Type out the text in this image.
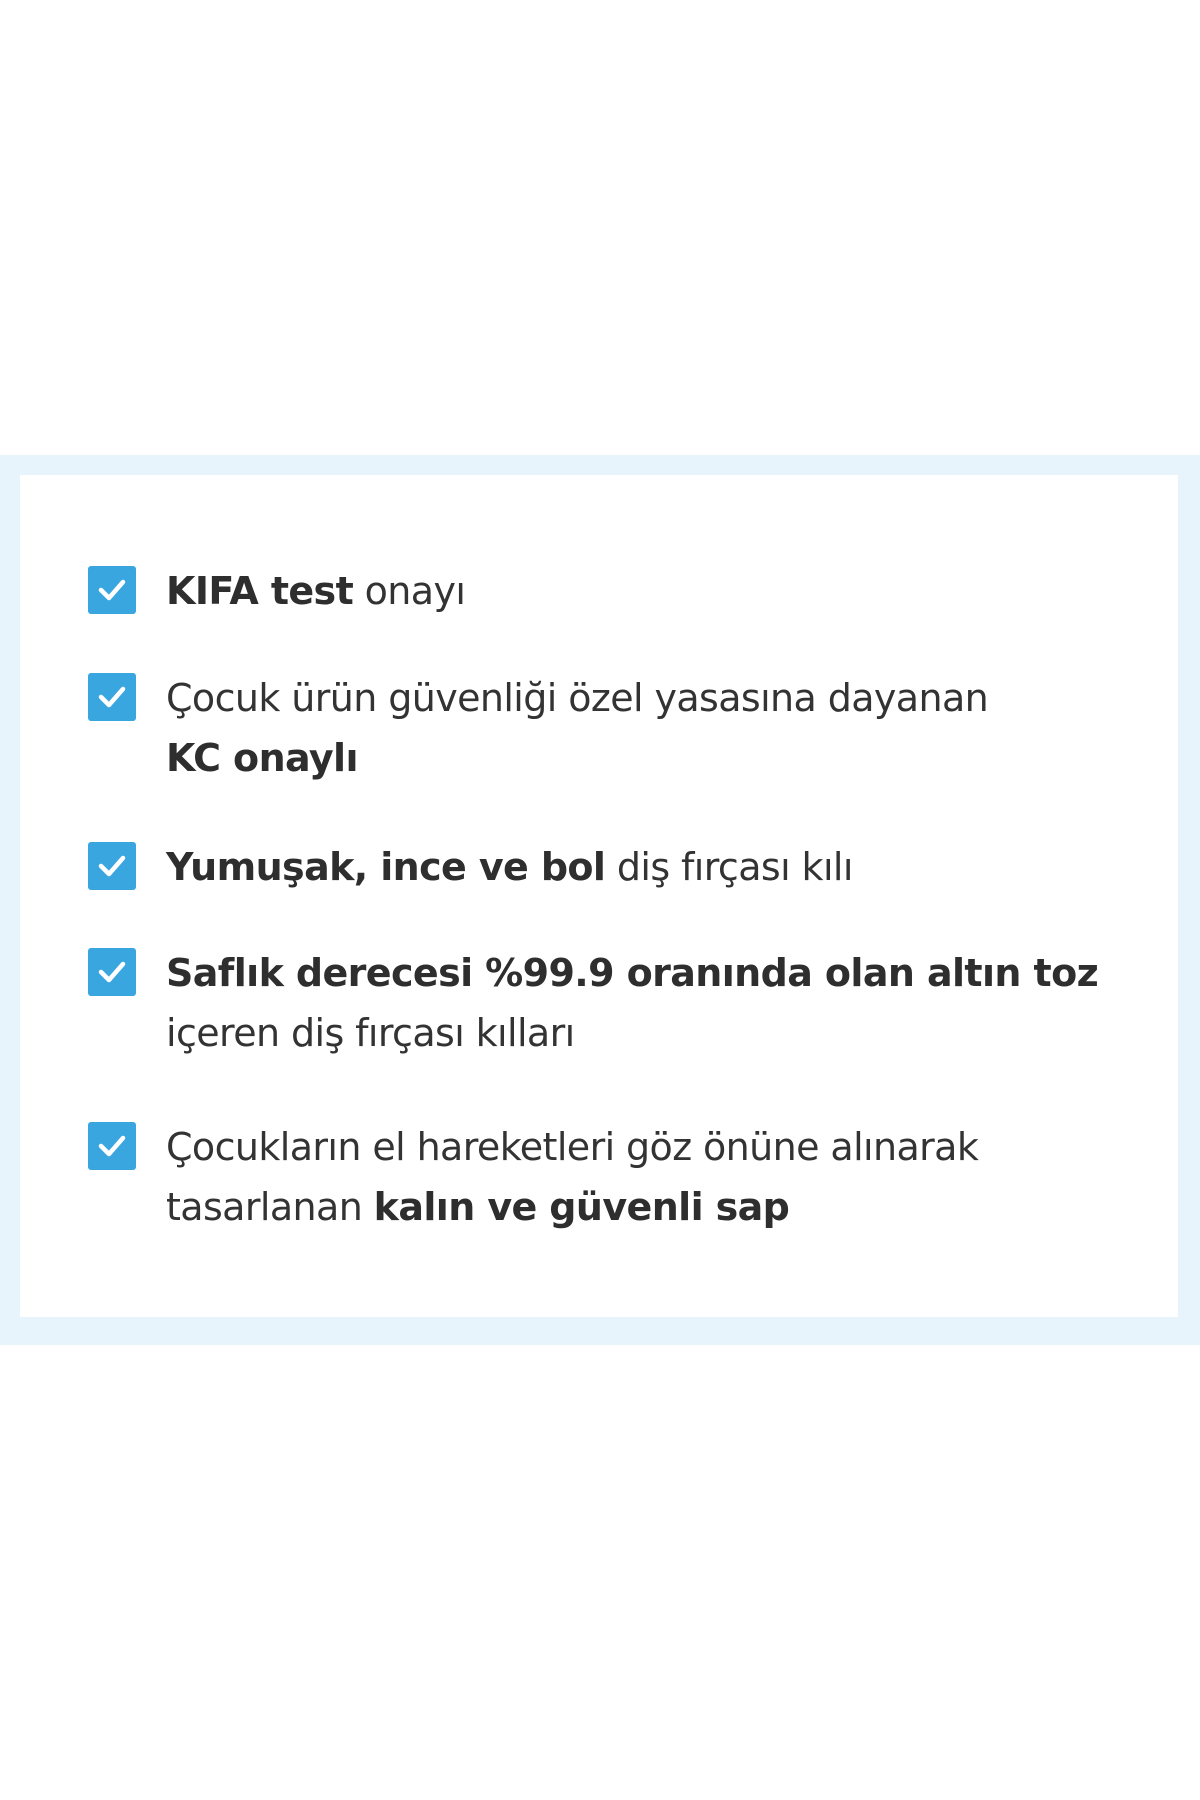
KIFA test onayı
Çocuk ürün güvenliği özel yasasına dayanan
KC onaylı
Yumuşak, ince ve bol diş fırçası kılı
Saflık derecesi %99.9 oranında olan altın toz
içeren diş fırçası kılları
Çocukların el hareketleri göz önüne alınarak
tasarlanan kalın ve güvenli sap
